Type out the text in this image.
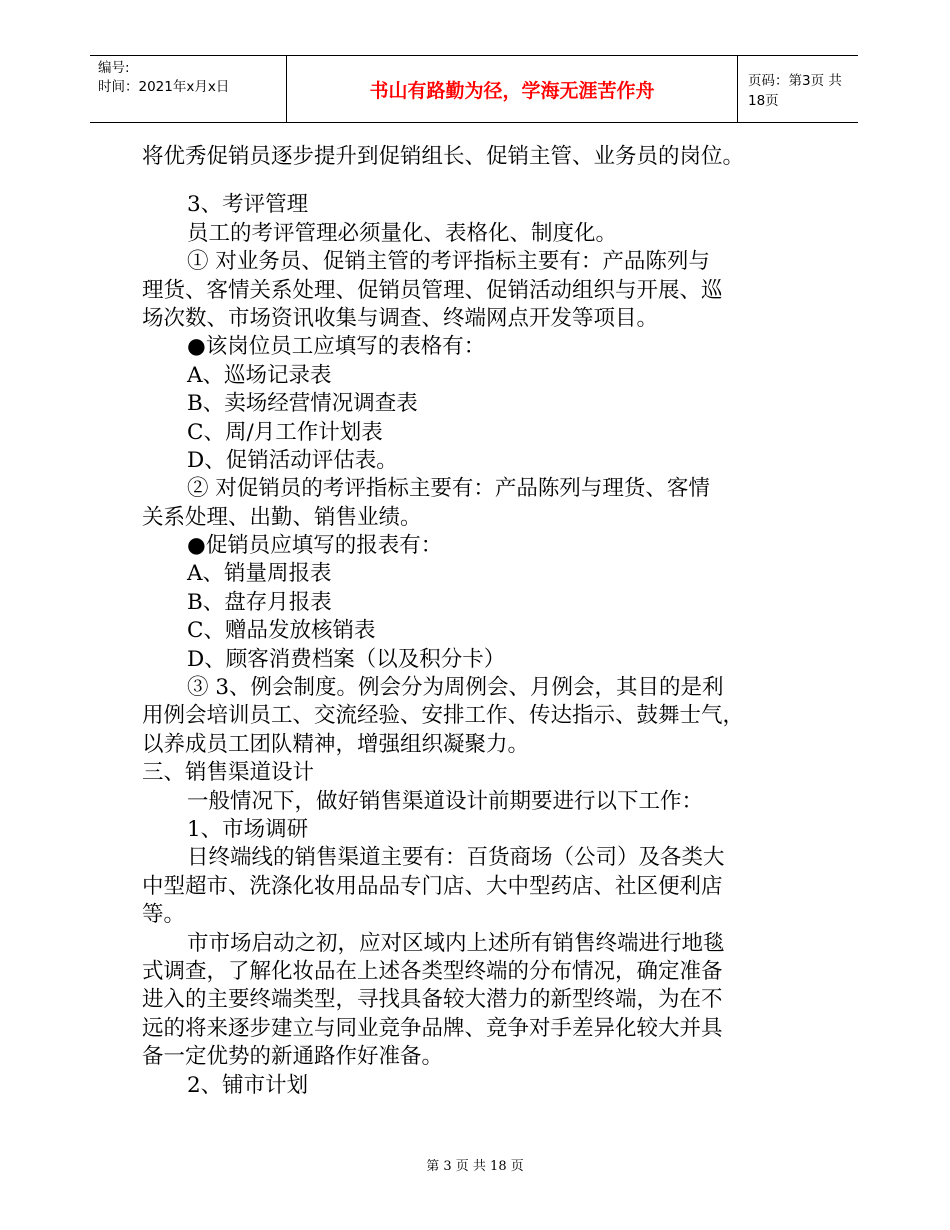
编号:
时间：2021年x月x日	书山有路勤为径，学海无涯苦作舟	页码：第3页 共18页
将优秀促销员逐步提升到促销组长、促销主管、业务员的岗位。
3、考评管理
员工的考评管理必须量化、表格化、制度化。
① 对业务员、促销主管的考评指标主要有：产品陈列与
理货、客情关系处理、促销员管理、促销活动组织与开展、巡
场次数、市场资讯收集与调查、终端网点开发等项目。
●该岗位员工应填写的表格有：
A、巡场记录表
B、卖场经营情况调查表
C、周/月工作计划表
D、促销活动评估表。
② 对促销员的考评指标主要有：产品陈列与理货、客情
关系处理、出勤、销售业绩。
●促销员应填写的报表有：
A、销量周报表
B、盘存月报表
C、赠品发放核销表
D、顾客消费档案（以及积分卡）
③ 3、例会制度。例会分为周例会、月例会，其目的是利
用例会培训员工、交流经验、安排工作、传达指示、鼓舞士气，
以养成员工团队精神，增强组织凝聚力。
三、销售渠道设计
一般情况下，做好销售渠道设计前期要进行以下工作：
1、市场调研
日终端线的销售渠道主要有：百货商场（公司）及各类大
中型超市、洗涤化妆用品品专门店、大中型药店、社区便利店
等。
市市场启动之初，应对区域内上述所有销售终端进行地毯
式调查，了解化妆品在上述各类型终端的分布情况，确定准备
进入的主要终端类型，寻找具备较大潜力的新型终端，为在不
远的将来逐步建立与同业竞争品牌、竞争对手差异化较大并具
备一定优势的新通路作好准备。
2、铺市计划
第 3 页 共 18 页
